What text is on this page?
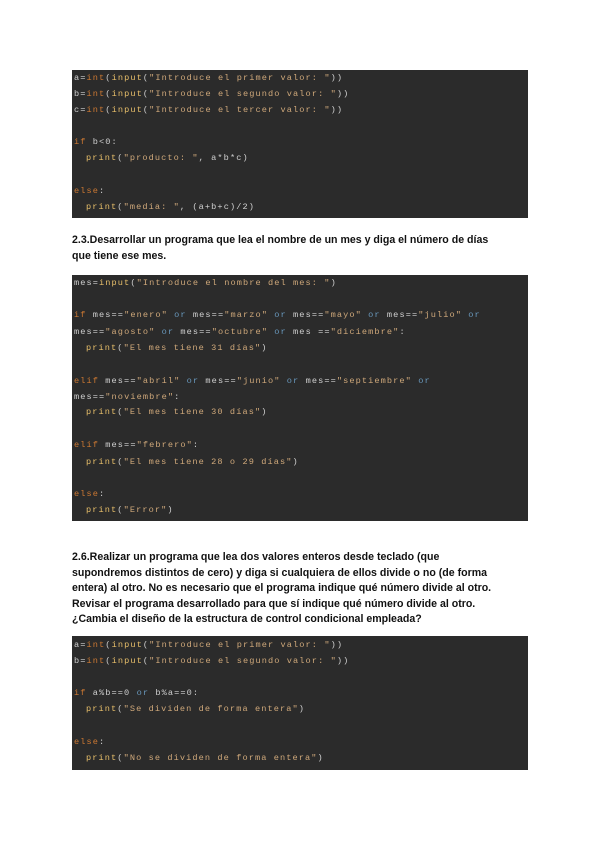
a=int(input("Introduce el primer valor: "))
b=int(input("Introduce el segundo valor: "))
c=int(input("Introduce el tercer valor: "))
if b<0:
print("producto: ", a*b*c)
else:
print("media: ", (a+b+c)/2)
2.3.Desarrollar un programa que lea el nombre de un mes y diga el número de días
que tiene ese mes.
mes=input("Introduce el nombre del mes: ")
if mes=="enero" or mes=="marzo" or mes=="mayo" or mes=="julio" or
mes=="agosto" or mes=="octubre" or mes =="diciembre":
print("El mes tiene 31 días")
elif mes=="abril" or mes=="junio" or mes=="septiembre" or
mes=="noviembre":
print("El mes tiene 30 días")
elif mes=="febrero":
print("El mes tiene 28 o 29 días")
else:
print("Error")
2.6.Realizar un programa que lea dos valores enteros desde teclado (que
supondremos distintos de cero) y diga si cualquiera de ellos divide o no (de forma
entera) al otro. No es necesario que el programa indique qué número divide al otro.
Revisar el programa desarrollado para que sí indique qué número divide al otro.
¿Cambia el diseño de la estructura de control condicional empleada?
a=int(input("Introduce el primer valor: "))
b=int(input("Introduce el segundo valor: "))
if a%b==0 or b%a==0:
print("Se dividen de forma entera")
else:
print("No se dividen de forma entera")
